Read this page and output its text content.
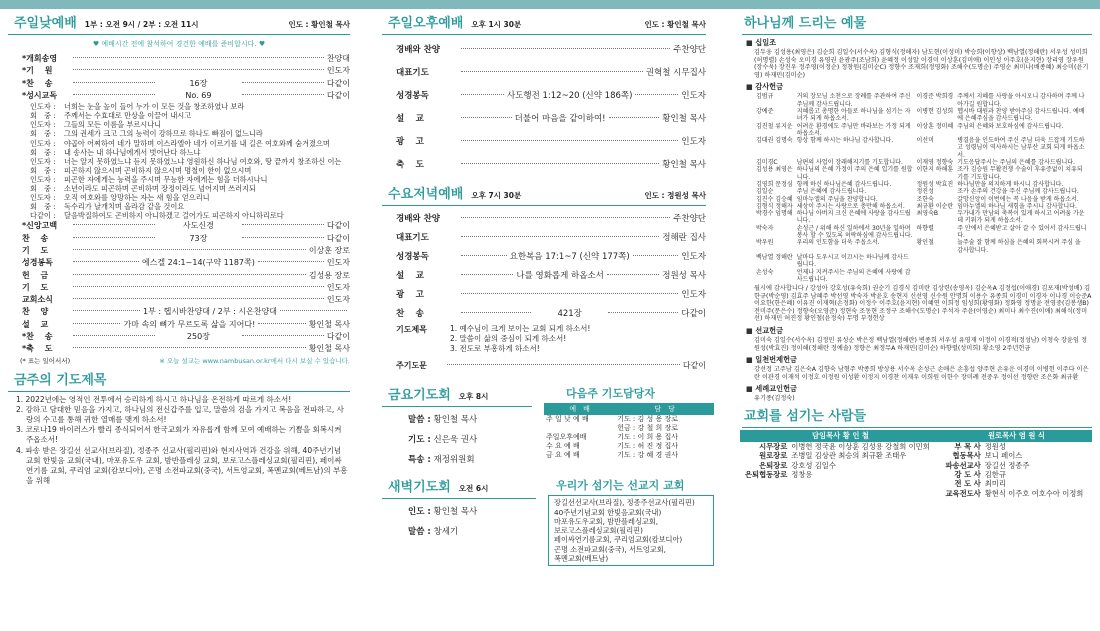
주일낮예배 1부 : 오전 9시 / 2부 : 오전 11시	인도 : 황인철 목사
♥ 예배시간 전에 참석하여 경건한 예배를 준비합시다. ♥
*개회송영	찬양대
*기　 원	인도자
*찬　 송	16장	다같이
*성시교독	No. 69	다같이
인도자 :	너희는 눈을 높이 들어 누가 이 모든 것을 창조하였나 보라
회　중 :	주께서는 수효대로 만상을 이끌어 내시고
인도자 :	그들의 모든 이름을 부르시나니
회　중 :	그의 권세가 크고 그의 능력이 강하므로 하나도 빠짐이 없느니라
인도자 :	야곱아 어찌하여 네가 말하며 이스라엘아 네가 이르기를 내 길은 여호와께 숨겨졌으며
회　중 :	내 송사는 내 하나님에게서 벗어난다 하느냐
인도자 :	너는 알지 못하였느냐 듣지 못하였느냐 영원하신 하나님 여호와, 땅 끝까지 창조하신 이는
회　중 :	피곤하지 않으시며 곤비하지 않으시며 명철이 한이 없으시며
인도자 :	피곤한 자에게는 능력을 주시며 무능한 자에게는 힘을 더하시나니
회　중 :	소년이라도 피곤하며 곤비하며 장정이라도 넘어지며 쓰러지되
인도자 :	오직 여호와를 앙망하는 자는 새 힘을 얻으리니
회　중 :	독수리가 날개치며 올라감 같을 것이요
다같이 :	달음박질하여도 곤비하지 아니하겠고 걸어가도 피곤하지 아니하리로다
*신앙고백	사도신경	다같이
찬　 송	73장	다같이
기　 도	이상훈 장로
성경봉독	에스겔 24:1~14(구약 1187쪽)	인도자
헌　 금	김성용 장로
기　 도	인도자
교회소식	인도자
찬　 양	1부 : 헵시바찬양대 / 2부 : 시온찬양대
설　 교	가마 속의 뼈가 무르도록 삶을 지어다!	황인철 목사
*찬　 송	250장	다같이
*축　 도	황인철 목사
(* 표는 일어서서)	※ 오늘 설교는 www.nambusan.or.kr에서 다시 보실 수 있습니다.
금주의 기도제목
1. 2022년에는 영적인 전투에서 승리하게 하시고 하나님을 온전하게 따르게 하소서!
2. 강하고 담대한 믿음을 가지고, 하나님의 전신갑주를 입고, 말씀의 검을 가지고 복음을 전파하고, 사랑의 수고를 통해 귀한 열매를 맺게 하소서!
3. 코로나19 바이러스가 빨리 종식되어서 한국교회가 자유롭게 함께 모여 예배하는 기쁨을 회복시켜 주옵소서!
4. 파송 받은 장길선 선교사(브라질), 정종주 선교사(필리핀)와 현지사역과 건강을 위해, 40주년기념교회 한빛음 교회(국내), 마포유도우 교회, 밤반플레싱 교회, 보로고스플레싱교회(필리핀), 페이싸연기름 교회, 쿠리엄 교회(캄보디아), 곤명 소전파교회(중국), 서트엉교회, 폭멘교회(베트남)의 부흥을 위해
주일오후예배 오후 1시 30분	인도 : 황인철 목사
경배와 찬양	주찬양단
대표기도	권혁철 시무집사
성경봉독	사도행전 1:12~20 (신약 186쪽)	인도자
설　 교	더불어 마음을 같이하여!	황인철 목사
광　 고	인도자
축　 도	황인철 목사
수요저녁예배 오후 7시 30분	인도 : 정원성 목사
경배와 찬양	주찬양단
대표기도	정해란 집사
성경봉독	요한복음 17:1~7 (신약 177쪽)	인도자
설　 교	나를 영화롭게 하옵소서	정원성 목사
광　 고	인도자
찬　 송	421장	다같이
기도제목	1. 예수님이 크게 보이는 교회 되게 하소서!
2. 말씀이 삶의 중심이 되게 하소서!
3. 전도로 부흥하게 하소서!
주기도문	다같이
금요기도회 오후 8시
말씀 : 황인철 목사
기도 : 신은욱 권사
특송 : 재정위원회
다음주 기도담당자
예　배	담　당
주 일 낮 예 배	기도 : 김 성 용 장로
	헌금 : 강 철 희 장로
주일오후예배	기도 : 이 희 용 집사
수 요 예 배	기도 : 허 진 정 집사
금 요 예 배	기도 : 강 혜 경 권사
새벽기도회 오전 6시
인도 : 황인철 목사
말씀 : 창세기
우리가 섬기는 선교지 교회
장길선선교사(브라질), 정종주선교사(필리핀)
40주년기념교회 한빛음교회(국내)
마포유도우교회, 밤반플레싱교회,
보로고스플레싱교회(필리핀)
페이싸연기름교회, 쿠리엄교회(캄보디아)
곤명 소전파교회(중국), 서트엉교회,
폭멘교회(베트남)
하나님께 드리는 예물
■ 십일조
김두웅 김성용(최영은) 김순희 김일수(서수옥) 김형식(정해자) 남도현(이성미) 박승희(이향상) 백남열(정해란) 서우성 성미희(허명렬) 손성숙 오미경 유영권 윤광주(조남희) 윤혜정 이성알 이경미 이상훈(김미애) 이인성 이주호(윤지현) 장리영 장우원(장수욱) 장진우 정주영(이정순) 정창원(김미순C) 정향수 조재희(정영화) 조해수(도명순) 주영순 최미나(배종혜) 최승미(윤기영) 하재민(김미순)
■ 감사헌금
김범규	거의 장모님 소천으로 장례를 주관하여 주신 주님께 감사드립니다.	이경준 박희경	주께서 지혜를 사랑을 아시오니 감사하며 주께 나아가길 원합니다.
강예준	지혜롭고 총명한 아들로 하나님을 섬기는 자녀가 되게 하옵소서.	이병헌 김성희	헵시바 대원과 찬양 받아주심 감사드립니다. 예배에 은혜주심을 감사드립니다.
김진철 류지운	어려운 환경에도 주님만 바라보는 가정 되게 하옵소서.	이상훈 정미혜	주님의 은혜와 보호하심에 감사드립니다.
김대권 김명숙	항상 함께 하시는 하나님 감사합니다.	이선미	병결음을 인도하여 주신 주님 더욱 드잡게 기도하고 성령님이 역사하시는 남부산 교회 되게 하옵소서.
김미경C	남편의 사업이 장래해지기를 기도합니다.	이재영 정향숙	기도응답주시는 주님의 은혜를 감사드립니다.
김성용 최영은	하나님의 은혜 가정이 주의 은혜 입기를 원합니다.	이한지 하해훈	조카 김승원 무활전쟁 수술이 후유증없이 치유되기를 기도합니다.
김영희 문정심	항께 하신 하나님은혜 감사드립니다.	정원성 박효진	하나님만을 의지하게 하시니 감사합니다.
김일순	주님 은혜에 감사드립니다.	정진성	조카 손주의 건강을 주신 주님께 감사드립니다.
김진수 김승혜	임마누엘의 주님을 찬양합니다.	조한숙	갈망신앙이 이번에는 꼭 나음을 받게 하옵소서.
김형식 정해자	세상이 주시는 사랑으로 충만해 하옵소서.	최규환 이순란	임마누엘의 하나님 새힘을 주시니 감사합니다.
박경수 임명해	하나님 아버지 크신 은혜에 사랑을 감사드립니다.	최영숙B	두가내가 만남의 축복이 있게 하시고 어려움 가운데 키워가 되게 하옵소서.
박숙자	손성근 / 위해 하신 일하에서 30년을 일하며 봉사 할 수 있도록 허락하심에 감사드립니다.	하향렬	주 안에서 은혜받고 살아 갈 수 있어서 감사드립니다.
박우원	우리의 인도함을 더욱 주옵소서.	황인철	늘주술 잘 함께 하심을 은혜의 회복시켜 주심 을 감사합니다.
백남열 정해란	날마다 도우시고 이끄시는 하나님께 감사드립니다.		
손성숙	언제나 지켜주시는 주님의 은혜에 사랑에 감사드립니다.		
월시에 감사합니다 / 강성아 강호성(유숙희) 권순기 김경식 김미란 김상련(송영옥) 김순옥A 김정섭(이애경) 김포재(박성배) 김한규(박순영) 김효주 남혜주 박선영 박숙자 박윤호 송현지 신선영 신수원 안명희 이용수 유종희 이경미 이경자 이나경 이승준A 이요한(한은혜) 이유진 이재혁(손정화) 이정수 이주호(윤지현) 이혜연 이희정 임성희(황영화) 정화영 정명윤 전영중(김봉생B) 전미주(문은수) 정향숙(오영준) 정현숙 조동현 조정구 조해수(도명순) 주석자 주윤(이영순) 최미나 최수진(이애) 최해식(정미선) 하재민 허진정 황인철(윤정숙) 무명 부정헌상
■ 선교헌금
김미숙 김일수(서수옥) 김정민 류성순 박은정 백남열(정해란) 변종희 서우성 유영재 이정이 이경적(정성남) 이청숙 장윤임 정원성(박효진) 정이해(정해란 정예솔) 정향은 최정무A 하재민(김미순) 하향렬(성미희) 황소영 2주년헌금
■ 일천번제헌금
강선정 고주남 김은숙A 김향숙 남형주 박종희 방상용 서수옥 손성근 손애은 손흥섭 양주현 손유운 이경미 이병헌 이주다 이은란 이관경 이재석 이정호 이정원 이성환 이정지 이경찬 이재우 이희원 이한수 장미례 전중우 정이선 정향란 조은화 최규환
■ 세례교인헌금
유기종(김정숙)
교회를 섬기는 사람들
담임목사 황 인 철		원로목사 염 원 식	
시무장로	이병헌 정국윤 이상훈 김성용 강철희 이민희	부 목 사	정원성
원로장로	조병일 김상관 최승의 최규환 조태우	협동목사	보니 페이스
은퇴장로	강호성 김일수	파송선교사	장길선 정종주
은퇴협동장로	정창용	강 도 사	김한규
		전 도 사	최미리
		교육전도사	황현식 이주호 여호수아 이정희
